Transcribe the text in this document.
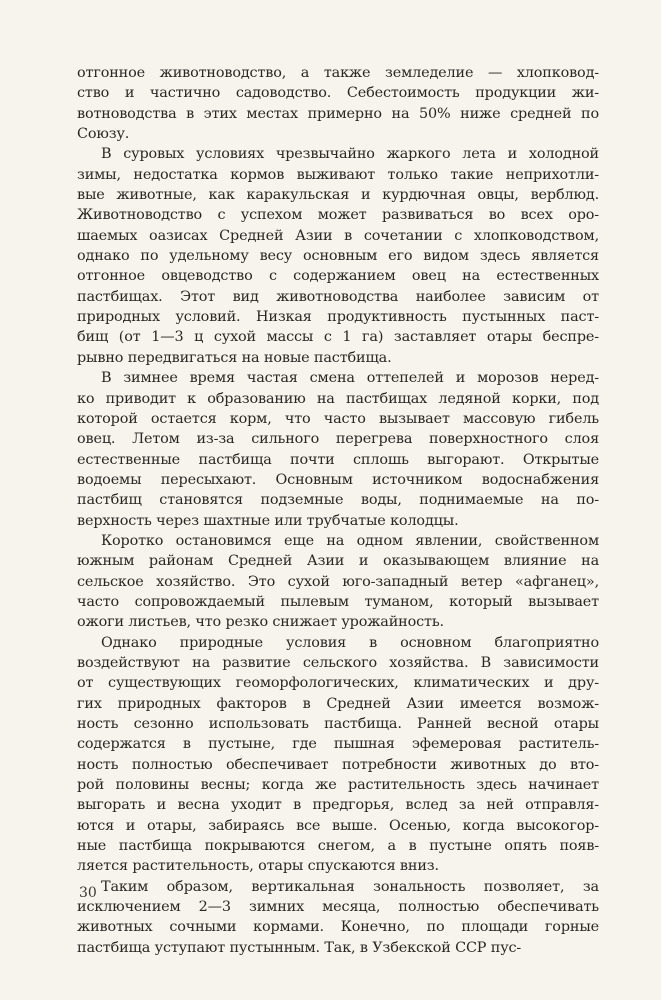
отгонное животноводство, а также земледелие — хлопковод-
ство и частично садоводство. Себестоимость продукции жи-
вотноводства в этих местах примерно на 50% ниже средней по
Союзу.
В суровых условиях чрезвычайно жаркого лета и холодной
зимы, недостатка кормов выживают только такие неприхотли-
вые животные, как каракульская и курдючная овцы, верблюд.
Животноводство с успехом может развиваться во всех оро-
шаемых оазисах Средней Азии в сочетании с хлопководством,
однако по удельному весу основным его видом здесь является
отгонное овцеводство с содержанием овец на естественных
пастбищах. Этот вид животноводства наиболее зависим от
природных условий. Низкая продуктивность пустынных паст-
бищ (от 1—3 ц сухой массы с 1 га) заставляет отары беспре-
рывно передвигаться на новые пастбища.
В зимнее время частая смена оттепелей и морозов неред-
ко приводит к образованию на пастбищах ледяной корки, под
которой остается корм, что часто вызывает массовую гибель
овец. Летом из-за сильного перегрева поверхностного слоя
естественные пастбища почти сплошь выгорают. Открытые
водоемы пересыхают. Основным источником водоснабжения
пастбищ становятся подземные воды, поднимаемые на по-
верхность через шахтные или трубчатые колодцы.
Коротко остановимся еще на одном явлении, свойственном
южным районам Средней Азии и оказывающем влияние на
сельское хозяйство. Это сухой юго-западный ветер «афганец»,
часто сопровождаемый пылевым туманом, который вызывает
ожоги листьев, что резко снижает урожайность.
Однако природные условия в основном благоприятно
воздействуют на развитие сельского хозяйства. В зависимости
от существующих геоморфологических, климатических и дру-
гих природных факторов в Средней Азии имеется возмож-
ность сезонно использовать пастбища. Ранней весной отары
содержатся в пустыне, где пышная эфемеровая раститель-
ность полностью обеспечивает потребности животных до вто-
рой половины весны; когда же растительность здесь начинает
выгорать и весна уходит в предгорья, вслед за ней отправля-
ются и отары, забираясь все выше. Осенью, когда высокогор-
ные пастбища покрываются снегом, а в пустыне опять появ-
ляется растительность, отары спускаются вниз.
Таким образом, вертикальная зональность позволяет, за
исключением 2—3 зимних месяца, полностью обеспечивать
животных сочными кормами. Конечно, по площади горные
пастбища уступают пустынным. Так, в Узбекской ССР пус-
30
